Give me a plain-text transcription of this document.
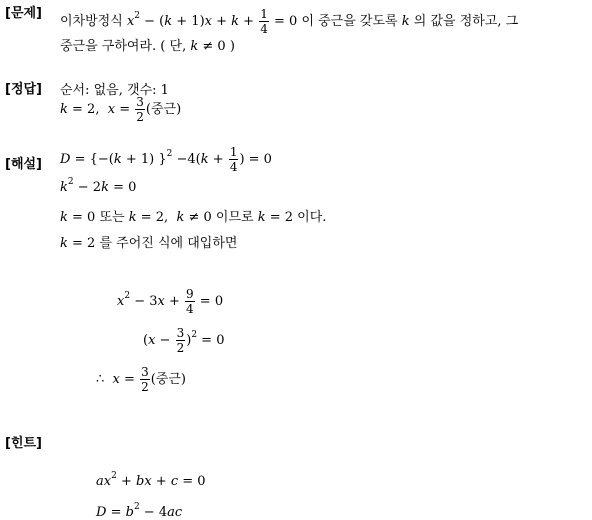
[문제]
이차방정식 $x^2 - (k + 1)x + k + \frac{1}{4} = 0$ 이 중근을 갖도록 k 의 값을 정하고, 그
중근을 구하여라. ( 단, k ≠ 0 )
[정답] 순서: 없음, 갯수: 1
k = 2,  $x = \frac{3}{2}$ (중근)
[해설] D = {−(k + 1) }$^2 -4(k + \frac{1}{4}$ ) = 0
$k^2 - 2k = 0$
k = 0 또는 k = 2,  k ≠ 0 이므로 k = 2 이다.
k = 2 를 주어진 식에 대입하면
$x^2 - 3x + \frac{9}{4} = 0$
$(x - \frac{3}{2} )^2 = 0$
∴  $x = \frac{3}{2}$ (중근)
[힌트]
$ax^2$ + bx + c = 0
$D = b^2 - 4ac$
